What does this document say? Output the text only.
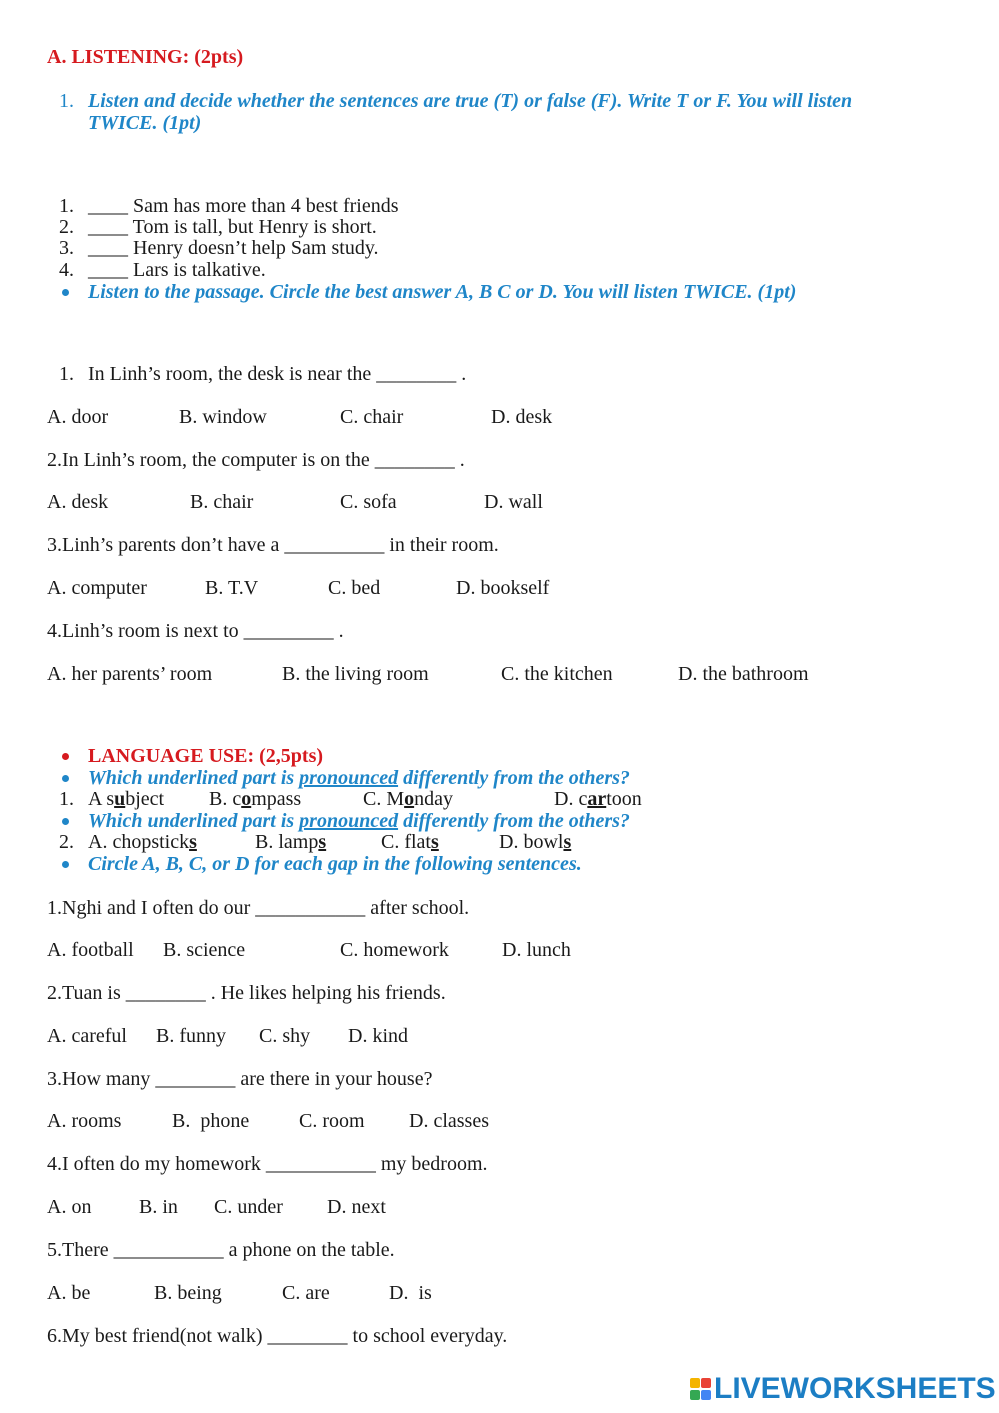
A. LISTENING: (2pts)
1. Listen and decide whether the sentences are true (T) or false (F). Write T or F. You will listen
TWICE. (1pt)
1. ____ Sam has more than 4 best friends
2. ____ Tom is tall, but Henry is short.
3. ____ Henry doesn’t help Sam study.
4. ____ Lars is talkative.
Listen to the passage. Circle the best answer A, B C or D. You will listen TWICE. (1pt)
1. In Linh’s room, the desk is near the ________ .
A. door	B. window	C. chair	D. desk
2.In Linh’s room, the computer is on the ________ .
A. desk	B. chair	C. sofa	D. wall
3.Linh’s parents don’t have a __________ in their room.
A. computer	B. T.V	C. bed	D. bookself
4.Linh’s room is next to _________ .
A. her parents’ room	B. the living room	C. the kitchen	D. the bathroom
LANGUAGE USE: (2,5pts)
Which underlined part is pronounced differently from the others?
1. A subject B. compass	C. Monday	D. cartoon
Which underlined part is pronounced differently from the others?
2. A. chopsticks	B. lamps	C. flats	D. bowls
Circle A, B, C, or D for each gap in the following sentences.
1.Nghi and I often do our ___________ after school.
A. football B. science	C. homework	D. lunch
2.Tuan is ________ . He likes helping his friends.
A. careful B. funny C. shy D. kind
3.How many ________ are there in your house?
A. rooms	B.  phone C. room D. classes
4.I often do my homework ___________ my bedroom.
A. on B. in C. under D. next
5.There ___________ a phone on the table.
A. be	B. being	C. are	D.  is
6.My best friend(not walk) ________ to school everyday.
LIVEWORKSHEETS
